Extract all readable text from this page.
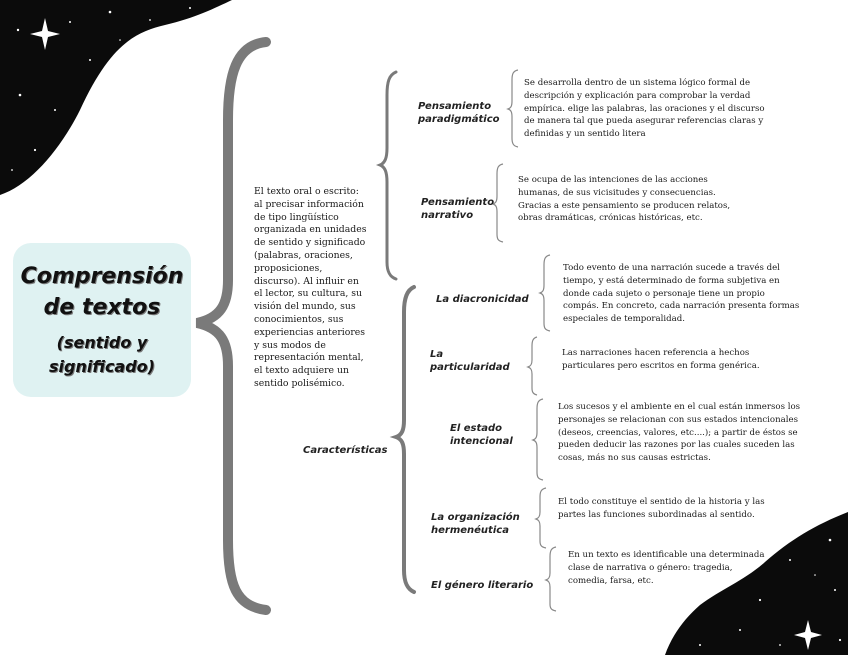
Comprensión de textos
(sentido y significado)
El texto oral o escrito: al precisar información de tipo lingüístico organizada en unidades de sentido y significado (palabras, oraciones, proposiciones, discurso). Al influir en el lector, su cultura, su visión del mundo, sus conocimientos, sus experiencias anteriores y sus modos de representación mental, el texto adquiere un sentido polisémico.
Pensamiento paradigmático
Se desarrolla dentro de un sistema lógico formal de descripción y explicación para comprobar la verdad empírica. elige las palabras, las oraciones y el discurso de manera tal que pueda asegurar referencias claras y definidas y un sentido litera
Pensamiento narrativo
Se ocupa de las intenciones de las acciones humanas, de sus vicisitudes y consecuencias. Gracias a este pensamiento se producen relatos, obras dramáticas, crónicas históricas, etc.
Características
La diacronicidad
Todo evento de una narración sucede a través del tiempo, y está determinado de forma subjetiva en donde cada sujeto o personaje tiene un propio compás. En concreto, cada narración presenta formas especiales de temporalidad.
La particularidad
Las narraciones hacen referencia a hechos particulares pero escritos en forma genérica.
El estado intencional
Los sucesos y el ambiente en el cual están inmersos los personajes se relacionan con sus estados intencionales (deseos, creencias, valores, etc....); a partir de éstos se pueden deducir las razones por las cuales suceden las cosas, más no sus causas estrictas.
La organización hermenéutica
El todo constituye el sentido de la historia y las partes las funciones subordinadas al sentido.
El género literario
En un texto es identificable una determinada clase de narrativa o género: tragedia, comedia, farsa, etc.
